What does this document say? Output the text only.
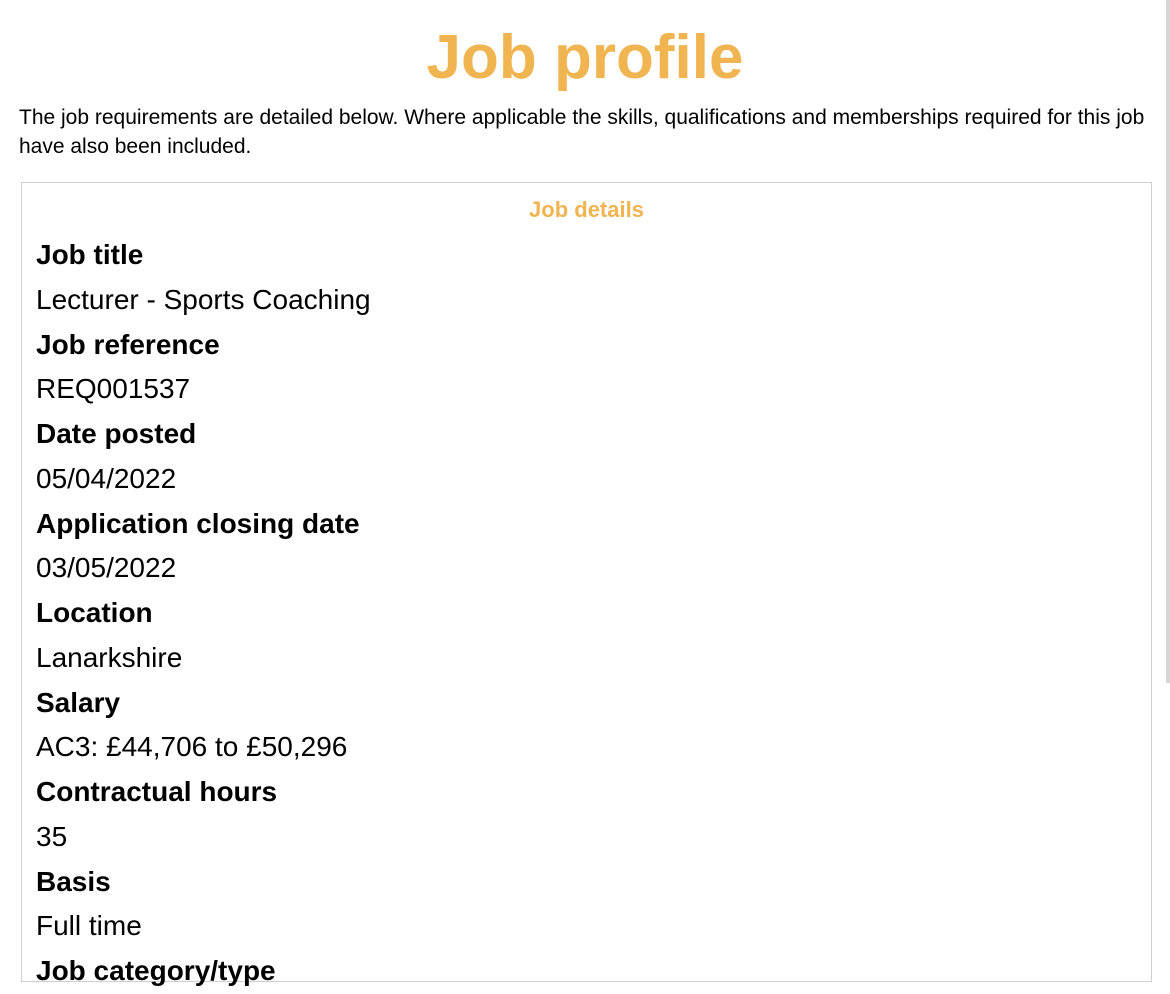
Job profile

The job requirements are detailed below. Where applicable the skills, qualifications and memberships required for this job have also been included.

Job details
Job title
Lecturer - Sports Coaching
Job reference
REQ001537
Date posted
05/04/2022
Application closing date
03/05/2022
Location
Lanarkshire
Salary
AC3: £44,706 to £50,296
Contractual hours
35
Basis
Full time
Job category/type
